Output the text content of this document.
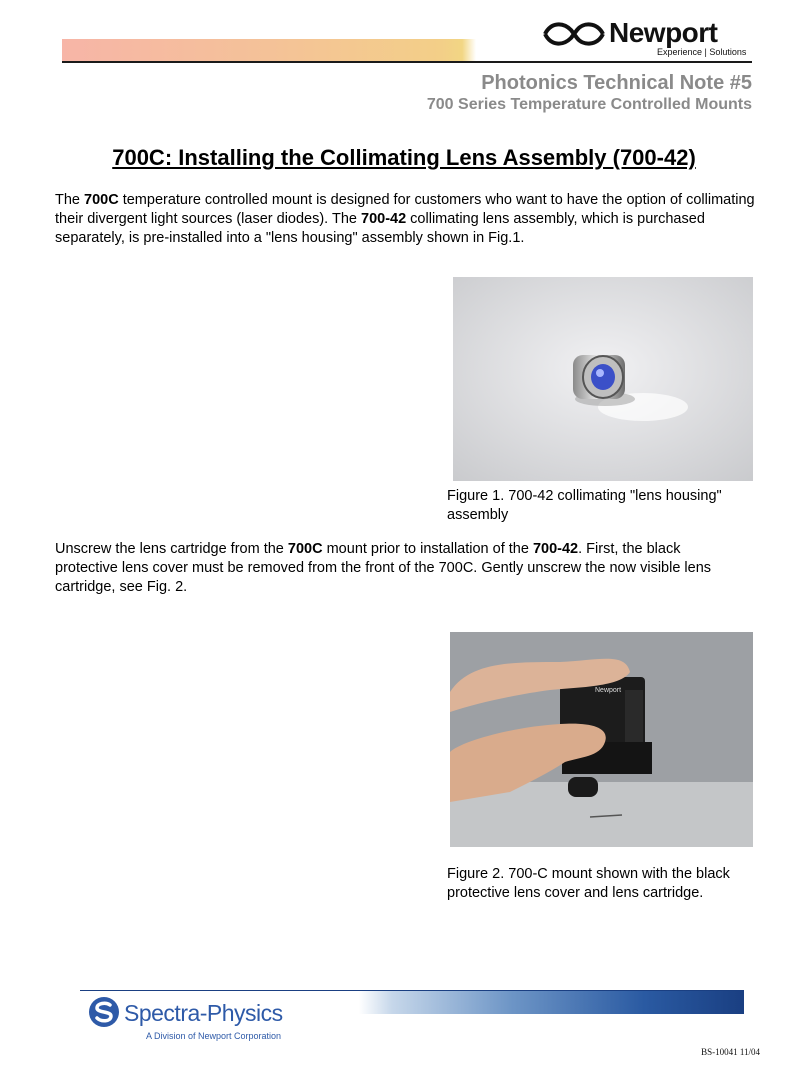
Newport
Experience | Solutions
Photonics Technical Note #5
700 Series Temperature Controlled Mounts
700C: Installing the Collimating Lens Assembly (700-42)
The 700C temperature controlled mount is designed for customers who want to have the option of collimating their divergent light sources (laser diodes). The 700-42 collimating lens assembly, which is purchased separately, is pre-installed into a "lens housing" assembly shown in Fig.1.
Figure 1. 700-42 collimating "lens housing" assembly
Unscrew the lens cartridge from the 700C mount prior to installation of the 700-42. First, the black protective lens cover must be removed from the front of the 700C. Gently unscrew the now visible lens cartridge, see Fig. 2.
Newport
Figure 2. 700-C mount shown with the black protective lens cover and lens cartridge.
Spectra-Physics
A Division of Newport Corporation
BS-10041 11/04
